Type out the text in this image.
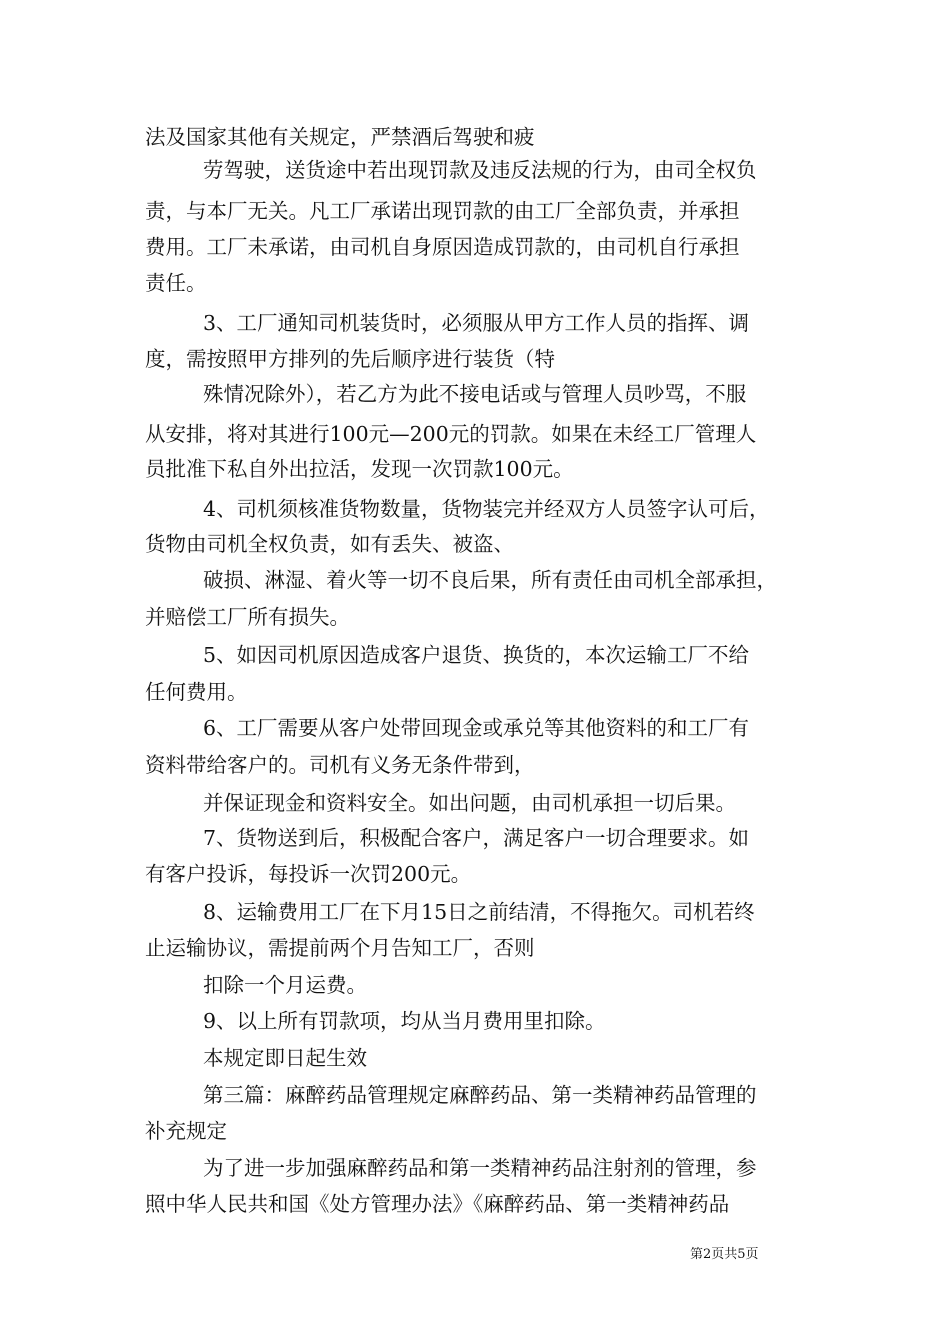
法及国家其他有关规定，严禁酒后驾驶和疲
劳驾驶，送货途中若出现罚款及违反法规的行为，由司全权负
责，与本厂无关。凡工厂承诺出现罚款的由工厂全部负责，并承担
费用。工厂未承诺，由司机自身原因造成罚款的，由司机自行承担
责任。
3、工厂通知司机装货时，必须服从甲方工作人员的指挥、调
度，需按照甲方排列的先后顺序进行装货（特
殊情况除外），若乙方为此不接电话或与管理人员吵骂，不服
从安排，将对其进行100元—200元的罚款。如果在未经工厂管理人
员批准下私自外出拉活，发现一次罚款100元。
4、司机须核准货物数量，货物装完并经双方人员签字认可后，
货物由司机全权负责，如有丢失、被盗、
破损、淋湿、着火等一切不良后果，所有责任由司机全部承担，
并赔偿工厂所有损失。
5、如因司机原因造成客户退货、换货的，本次运输工厂不给
任何费用。
6、工厂需要从客户处带回现金或承兑等其他资料的和工厂有
资料带给客户的。司机有义务无条件带到，
并保证现金和资料安全。如出问题，由司机承担一切后果。
7、货物送到后，积极配合客户，满足客户一切合理要求。如
有客户投诉，每投诉一次罚200元。
8、运输费用工厂在下月15日之前结清，不得拖欠。司机若终
止运输协议，需提前两个月告知工厂，否则
扣除一个月运费。
9、以上所有罚款项，均从当月费用里扣除。
本规定即日起生效
第三篇：麻醉药品管理规定麻醉药品、第一类精神药品管理的
补充规定
为了进一步加强麻醉药品和第一类精神药品注射剂的管理，参
照中华人民共和国《处方管理办法》《麻醉药品、第一类精神药品
第2页共5页
